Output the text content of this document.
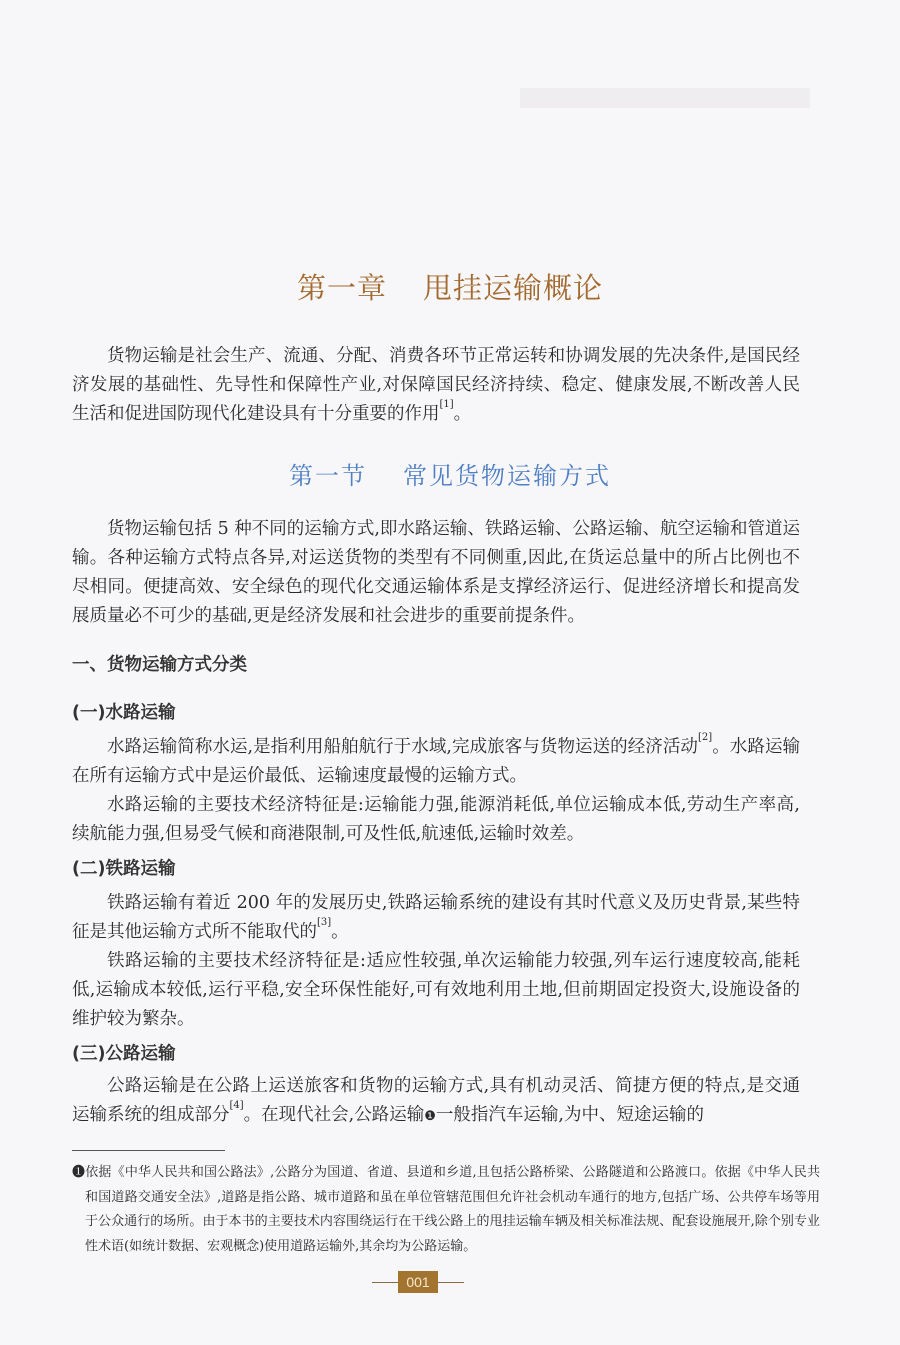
第一章 甩挂运输概论

货物运输是社会生产、流通、分配、消费各环节正常运转和协调发展的先决条件,是国民经济发展的基础性、先导性和保障性产业,对保障国民经济持续、稳定、健康发展,不断改善人民生活和促进国防现代化建设具有十分重要的作用[1]。

第一节 常见货物运输方式

货物运输包括 5 种不同的运输方式,即水路运输、铁路运输、公路运输、航空运输和管道运输。各种运输方式特点各异,对运送货物的类型有不同侧重,因此,在货运总量中的所占比例也不尽相同。便捷高效、安全绿色的现代化交通运输体系是支撑经济运行、促进经济增长和提高发展质量必不可少的基础,更是经济发展和社会进步的重要前提条件。

一、货物运输方式分类
(一)水路运输

水路运输简称水运,是指利用船舶航行于水域,完成旅客与货物运送的经济活动[2]。水路运输在所有运输方式中是运价最低、运输速度最慢的运输方式。

水路运输的主要技术经济特征是:运输能力强,能源消耗低,单位运输成本低,劳动生产率高,续航能力强,但易受气候和商港限制,可及性低,航速低,运输时效差。

(二)铁路运输

铁路运输有着近 200 年的发展历史,铁路运输系统的建设有其时代意义及历史背景,某些特征是其他运输方式所不能取代的[3]。

铁路运输的主要技术经济特征是:适应性较强,单次运输能力较强,列车运行速度较高,能耗低,运输成本较低,运行平稳,安全环保性能好,可有效地利用土地,但前期固定投资大,设施设备的维护较为繁杂。

(三)公路运输

公路运输是在公路上运送旅客和货物的运输方式,具有机动灵活、简捷方便的特点,是交通运输系统的组成部分[4]。在现代社会,公路运输❶一般指汽车运输,为中、短途运输的

❶依据《中华人民共和国公路法》,公路分为国道、省道、县道和乡道,且包括公路桥梁、公路隧道和公路渡口。依据《中华人民共和国道路交通安全法》,道路是指公路、城市道路和虽在单位管辖范围但允许社会机动车通行的地方,包括广场、公共停车场等用于公众通行的场所。由于本书的主要技术内容围绕运行在干线公路上的甩挂运输车辆及相关标准法规、配套设施展开,除个别专业性术语(如统计数据、宏观概念)使用道路运输外,其余均为公路运输。

001
